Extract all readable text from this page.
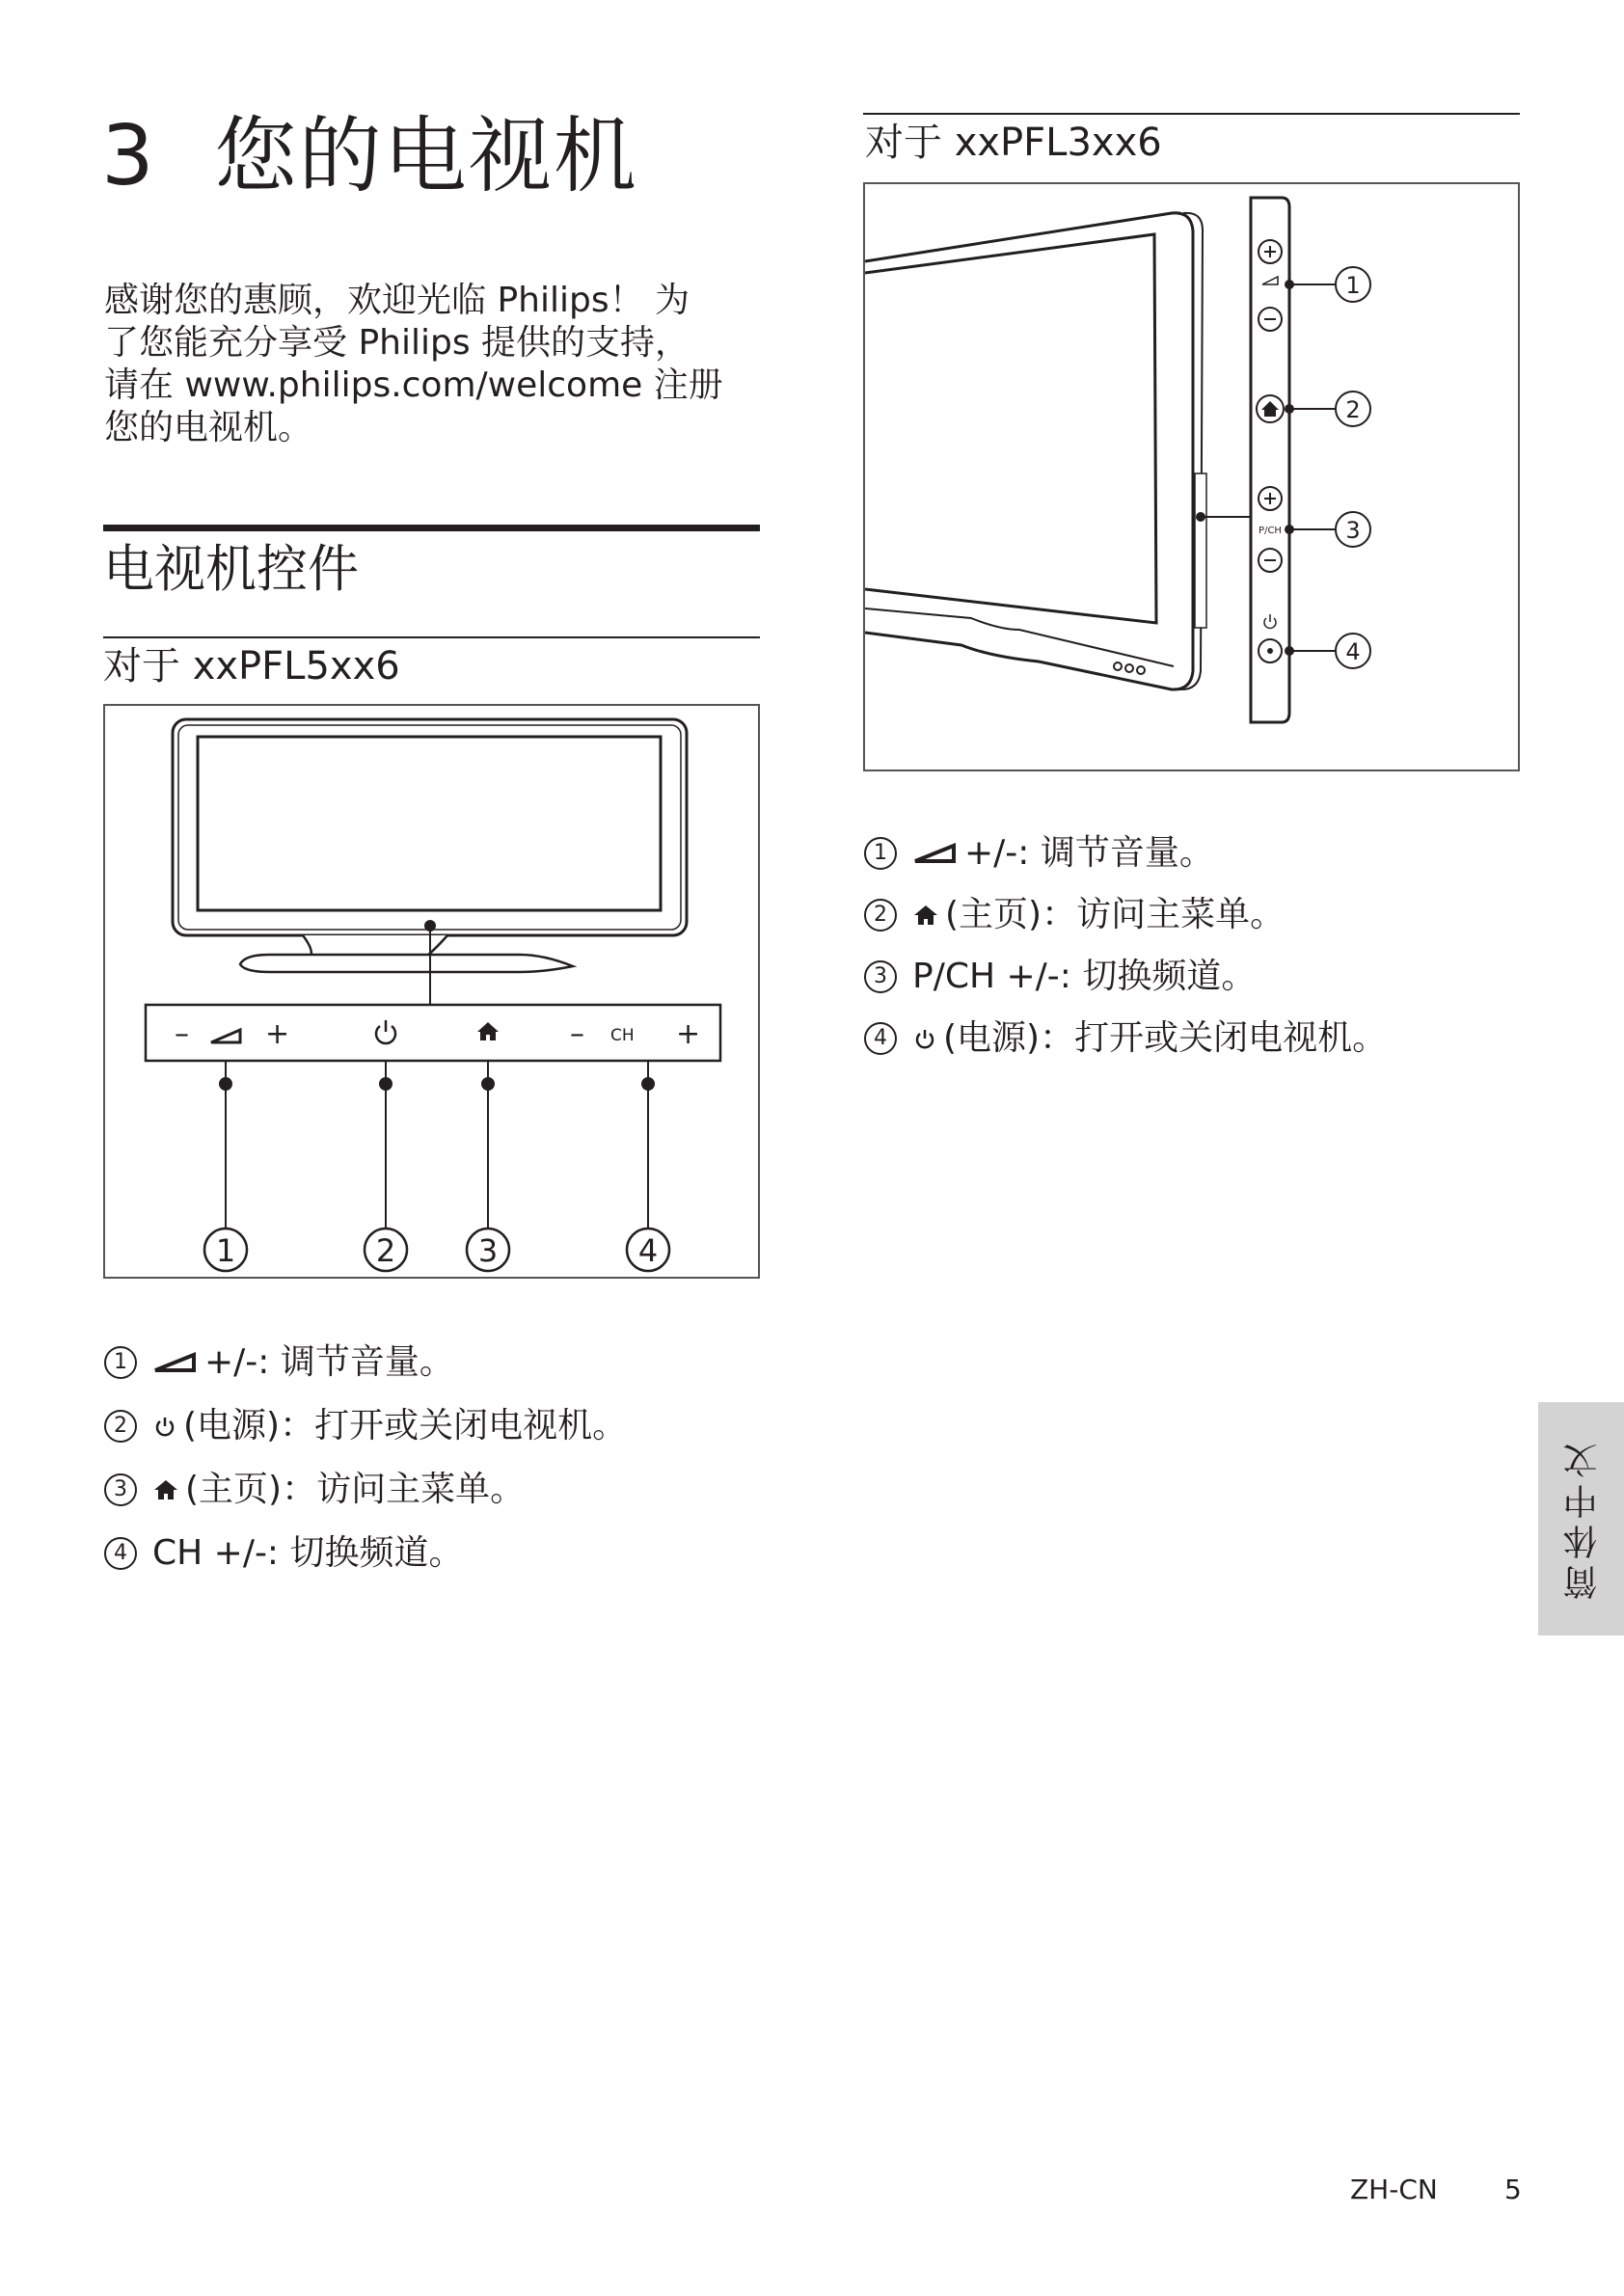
3 您的电视机
感谢您的惠顾，欢迎光临 Philips！ 为
了您能充分享受 Philips 提供的支持，
请在 www.philips.com/welcome 注册
您的电视机。
电视机控件
对于 xxPFL5xx6
–	+	– CH +
1	2	3	4
1 +/-: 调节音量。
2 (电源)：打开或关闭电视机。
3 (主页)：访问主菜单。
4 CH +/-: 切换频道。
对于 xxPFL3xx6
P/CH
1
2
3
4
1 +/-: 调节音量。
2 (主页)：访问主菜单。
3 P/CH +/-: 切换频道。
4 (电源)：打开或关闭电视机。
简体中文
ZH-CN 5
